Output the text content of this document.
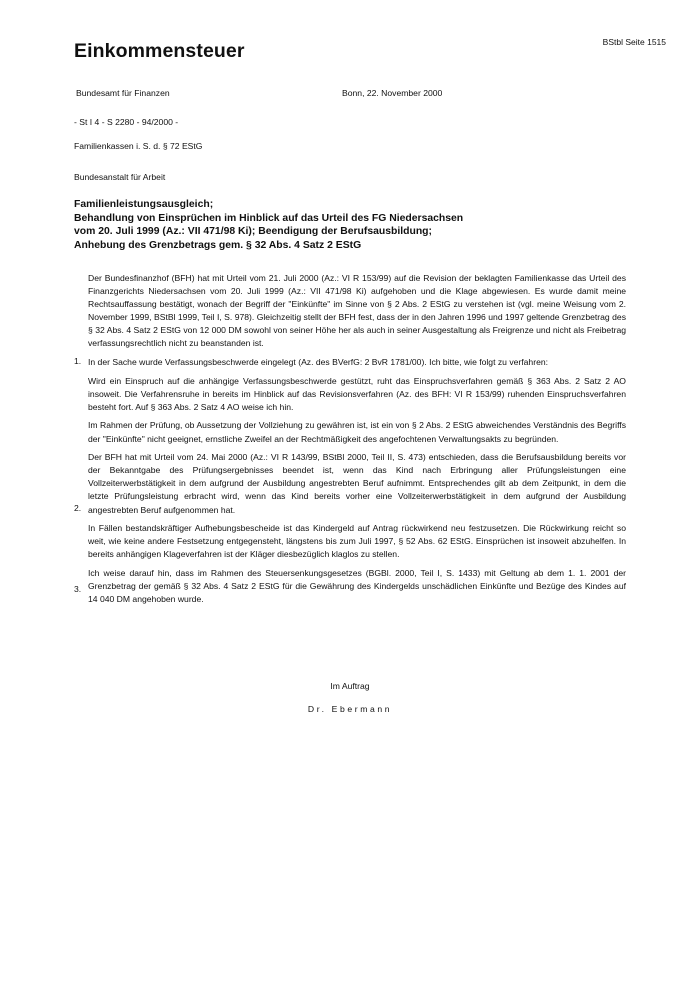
BStbl Seite 1515
Einkommensteuer
Bundesamt für Finanzen	Bonn, 22. November 2000
- St I 4 - S 2280 - 94/2000 -
Familienkassen i. S. d. § 72 EStG
Bundesanstalt für Arbeit
Familienleistungsausgleich;
Behandlung von Einsprüchen im Hinblick auf das Urteil des FG Niedersachsen
vom 20. Juli 1999 (Az.: VII 471/98 Ki); Beendigung der Berufsausbildung;
Anhebung des Grenzbetrags gem. § 32 Abs. 4 Satz 2 EStG
1.

Der Bundesfinanzhof (BFH) hat mit Urteil vom 21. Juli 2000 (Az.: VI R 153/99) auf die Revision der beklagten Familienkasse das Urteil des Finanzgerichts Niedersachsen vom 20. Juli 1999 (Az.: VII 471/98 Ki) aufgehoben und die Klage abgewiesen. Es wurde damit meine Rechtsauffassung bestätigt, wonach der Begriff der "Einkünfte" im Sinne von § 2 Abs. 2 EStG zu verstehen ist (vgl. meine Weisung vom 2. November 1999, BStBl 1999, Teil I, S. 978). Gleichzeitig stellt der BFH fest, dass der in den Jahren 1996 und 1997 geltende Grenzbetrag des § 32 Abs. 4 Satz 2 EStG von 12 000 DM sowohl von seiner Höhe her als auch in seiner Ausgestaltung als Freigrenze und nicht als Freibetrag verfassungsrechtlich nicht zu beanstanden ist.

In der Sache wurde Verfassungsbeschwerde eingelegt (Az. des BVerfG: 2 BvR 1781/00). Ich bitte, wie folgt zu verfahren:

Wird ein Einspruch auf die anhängige Verfassungsbeschwerde gestützt, ruht das Einspruchsverfahren gemäß § 363 Abs. 2 Satz 2 AO insoweit. Die Verfahrensruhe in bereits im Hinblick auf das Revisionsverfahren (Az. des BFH: VI R 153/99) ruhenden Einspruchsverfahren besteht fort. Auf § 363 Abs. 2 Satz 4 AO weise ich hin.

Im Rahmen der Prüfung, ob Aussetzung der Vollziehung zu gewähren ist, ist ein von § 2 Abs. 2 EStG abweichendes Verständnis des Begriffs der "Einkünfte" nicht geeignet, ernstliche Zweifel an der Rechtmäßigkeit des angefochtenen Verwaltungsakts zu begründen.

2.

Der BFH hat mit Urteil vom 24. Mai 2000 (Az.: VI R 143/99, BStBl 2000, Teil II, S. 473) entschieden, dass die Berufsausbildung bereits vor der Bekanntgabe des Prüfungsergebnisses beendet ist, wenn das Kind nach Erbringung aller Prüfungsleistungen eine Vollzeiterwerbstätigkeit in dem aufgrund der Ausbildung angestrebten Beruf aufnimmt. Entsprechendes gilt ab dem Zeitpunkt, in dem die letzte Prüfungsleistung erbracht wird, wenn das Kind bereits vorher eine Vollzeiterwerbstätigkeit in dem aufgrund der Ausbildung angestrebten Beruf aufgenommen hat.

In Fällen bestandskräftiger Aufhebungsbescheide ist das Kindergeld auf Antrag rückwirkend neu festzusetzen. Die Rückwirkung reicht so weit, wie keine andere Festsetzung entgegensteht, längstens bis zum Juli 1997, § 52 Abs. 62 EStG. Einsprüchen ist insoweit abzuhelfen. In bereits anhängigen Klageverfahren ist der Kläger diesbezüglich klaglos zu stellen.

3.

Ich weise darauf hin, dass im Rahmen des Steuersenkungsgesetzes (BGBl. 2000, Teil I, S. 1433) mit Geltung ab dem 1. 1. 2001 der Grenzbetrag der gemäß § 32 Abs. 4 Satz 2 EStG für die Gewährung des Kindergelds unschädlichen Einkünfte und Bezüge des Kindes auf 14 040 DM angehoben wurde.

Im Auftrag
Dr. Ebermann
